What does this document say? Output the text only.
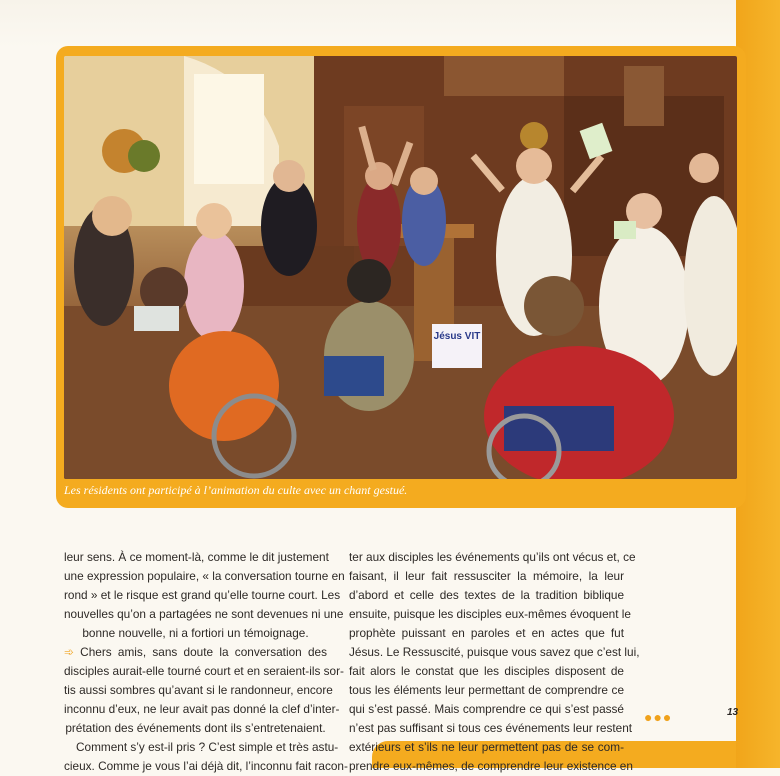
Jésus VIT
Les résidents ont participé à l’animation du culte avec un chant gestué.
leur sens. À ce moment-là, comme le dit justement
une expression populaire, « la conversation tourne en
rond » et le risque est grand qu’elle tourne court. Les
nouvelles qu’on a partagées ne sont devenues ni une
bonne nouvelle, ni a fortiori un témoignage.
➾ Chers amis, sans doute la conversation des
disciples aurait-elle tourné court et en seraient-ils sor-
tis aussi sombres qu’avant si le randonneur, encore
inconnu d’eux, ne leur avait pas donné la clef d’inter-
prétation des événements dont ils s’entretenaient.
Comment s’y est-il pris ? C’est simple et très astu-
cieux. Comme je vous l’ai déjà dit, l’inconnu fait racon-
ter aux disciples les événements qu’ils ont vécus et, ce
faisant, il leur fait ressusciter la mémoire, la leur
d’abord et celle des textes de la tradition biblique
ensuite, puisque les disciples eux-mêmes évoquent le
prophète puissant en paroles et en actes que fut
Jésus. Le Ressuscité, puisque vous savez que c’est lui,
fait alors le constat que les disciples disposent de
tous les éléments leur permettant de comprendre ce
qui s’est passé. Mais comprendre ce qui s’est passé
n’est pas suffisant si tous ces événements leur restent
extérieurs et s’ils ne leur permettent pas de se com-
prendre eux-mêmes, de comprendre leur existence en
●●●	13
